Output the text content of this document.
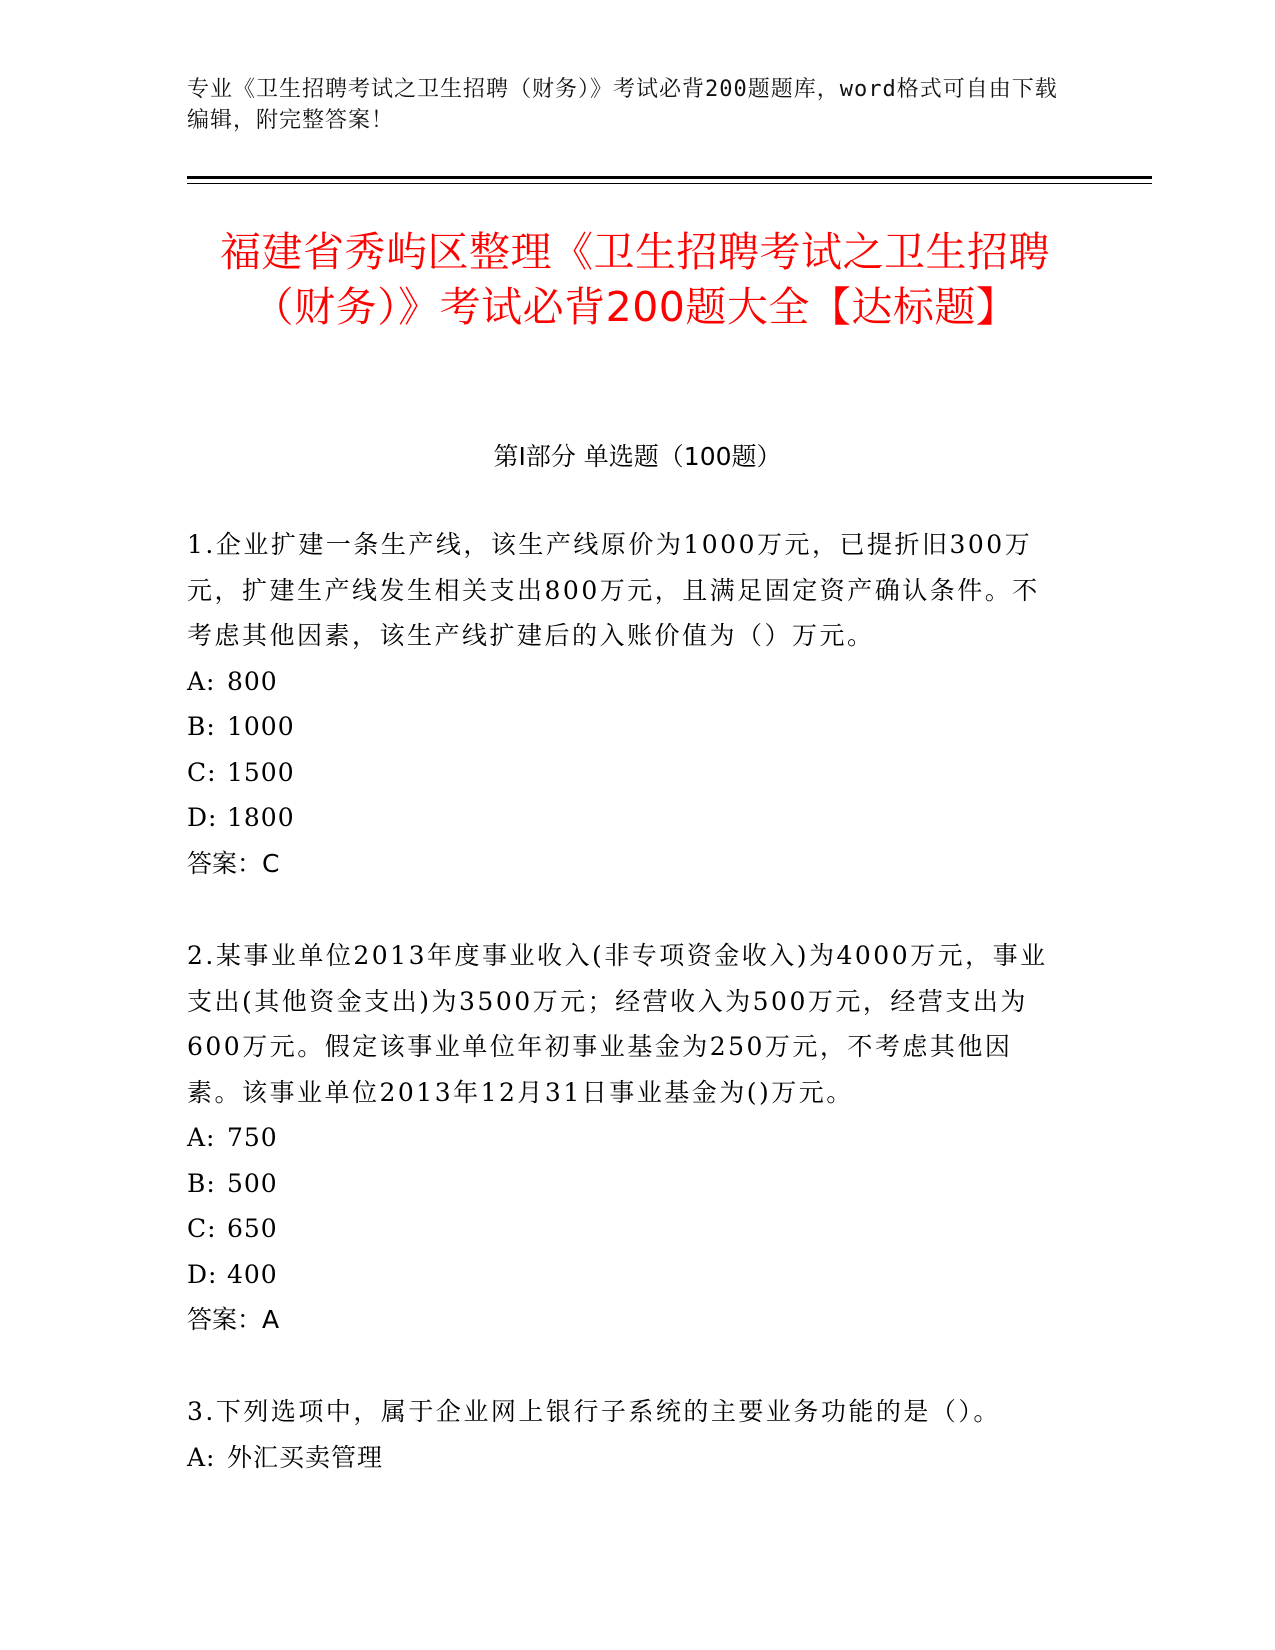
专业《卫生招聘考试之卫生招聘（财务）》考试必背200题题库，word格式可自由下载编辑，附完整答案！
福建省秀屿区整理《卫生招聘考试之卫生招聘（财务）》考试必背200题大全【达标题】
第I部分 单选题（100题）

1.企业扩建一条生产线，该生产线原价为1000万元，已提折旧300万元，扩建生产线发生相关支出800万元，且满足固定资产确认条件。不考虑其他因素，该生产线扩建后的入账价值为（）万元。

A: 800

B: 1000

C: 1500

D: 1800

答案：C

2.某事业单位2013年度事业收入(非专项资金收入)为4000万元，事业支出(其他资金支出)为3500万元；经营收入为500万元，经营支出为600万元。假定该事业单位年初事业基金为250万元，不考虑其他因素。该事业单位2013年12月31日事业基金为()万元。

A: 750

B: 500

C: 650

D: 400

答案：A

3.下列选项中，属于企业网上银行子系统的主要业务功能的是（）。

A: 外汇买卖管理
